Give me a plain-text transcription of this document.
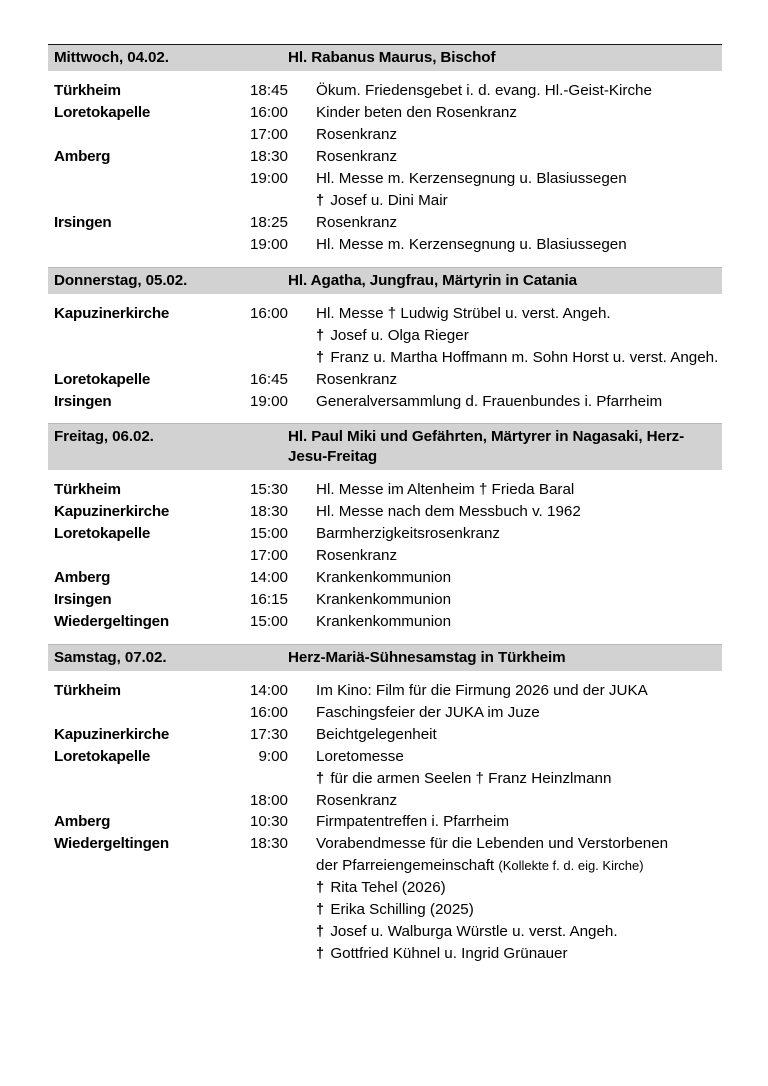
Mittwoch, 04.02.	Hl. Rabanus Maurus, Bischof
Türkheim	18:45 Ökum. Friedensgebet i. d. evang. Hl.-Geist-Kirche
Loretokapelle	16:00 Kinder beten den Rosenkranz
17:00 Rosenkranz
Amberg	18:30 Rosenkranz
19:00 Hl. Messe m. Kerzensegnung u. Blasiussegen
† Josef u. Dini Mair
Irsingen	18:25 Rosenkranz
19:00 Hl. Messe m. Kerzensegnung u. Blasiussegen
Donnerstag, 05.02.	Hl. Agatha, Jungfrau, Märtyrin in Catania
Kapuzinerkirche	16:00 Hl. Messe † Ludwig Strübel u. verst. Angeh.
† Josef u. Olga Rieger
† Franz u. Martha Hoffmann m. Sohn Horst u. verst. Angeh.
Loretokapelle	16:45 Rosenkranz
Irsingen	19:00 Generalversammlung d. Frauenbundes i. Pfarrheim
Freitag, 06.02.	Hl. Paul Miki und Gefährten, Märtyrer in Nagasaki, Herz-Jesu-Freitag
Türkheim	15:30 Hl. Messe im Altenheim † Frieda Baral
Kapuzinerkirche	18:30 Hl. Messe nach dem Messbuch v. 1962
Loretokapelle	15:00 Barmherzigkeitsrosenkranz
17:00 Rosenkranz
Amberg	14:00 Krankenkommunion
Irsingen	16:15 Krankenkommunion
Wiedergeltingen	15:00 Krankenkommunion
Samstag, 07.02.	Herz-Mariä-Sühnesamstag in Türkheim
Türkheim	14:00 Im Kino: Film für die Firmung 2026 und der JUKA
16:00 Faschingsfeier der JUKA im Juze
Kapuzinerkirche	17:30 Beichtgelegenheit
Loretokapelle	9:00 Loretomesse
† für die armen Seelen † Franz Heinzlmann
18:00 Rosenkranz
Amberg	10:30 Firmpatentreffen i. Pfarrheim
Wiedergeltingen	18:30 Vorabendmesse für die Lebenden und Verstorbenen
der Pfarreiengemeinschaft (Kollekte f. d. eig. Kirche)
† Rita Tehel (2026)
† Erika Schilling (2025)
† Josef u. Walburga Würstle u. verst. Angeh.
† Gottfried Kühnel u. Ingrid Grünauer
